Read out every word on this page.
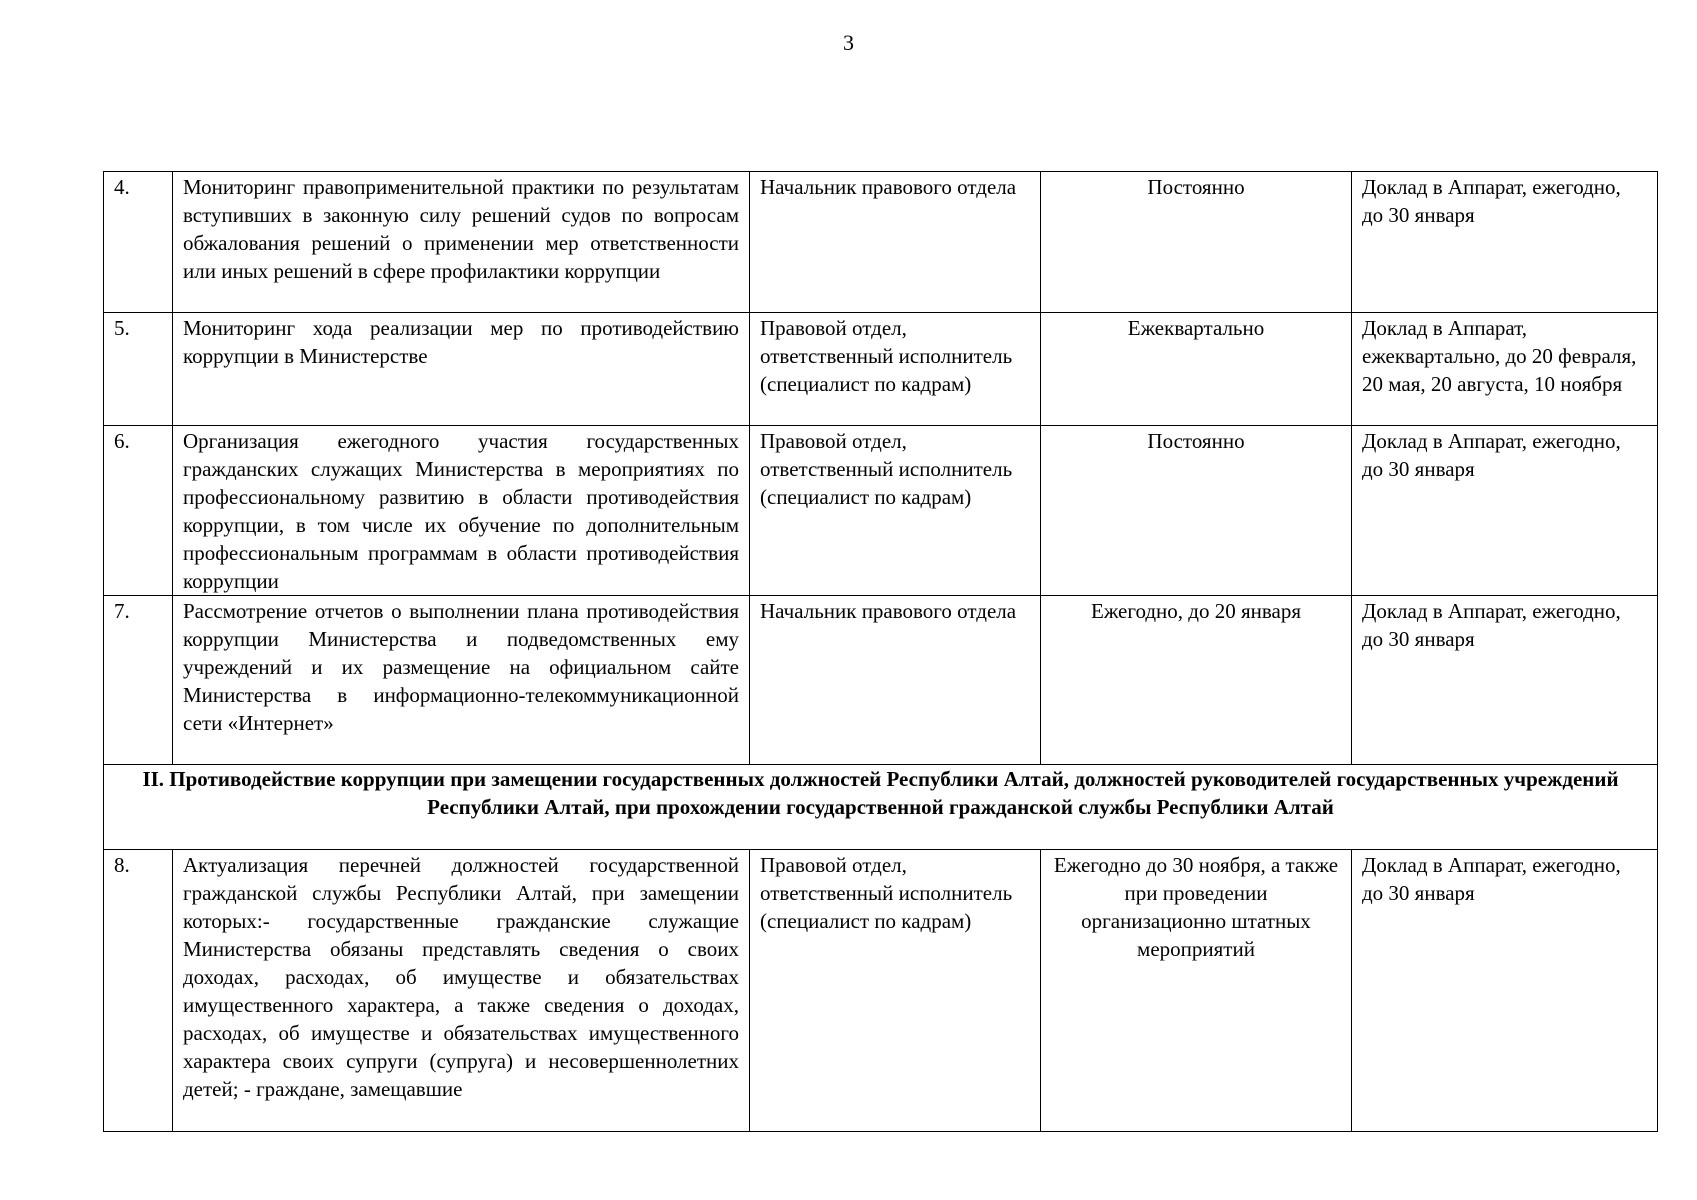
3
4.	Мониторинг правоприменительной практики по результатам вступивших в законную силу решений судов по вопросам обжалования решений о применении мер ответственности или иных решений в сфере профилактики коррупции	Начальник правового отдела	Постоянно	Доклад в Аппарат, ежегодно, до 30 января
5.	Мониторинг хода реализации мер по противодействию коррупции в Министерстве	Правовой отдел, ответственный исполнитель (специалист по кадрам)	Ежеквартально	Доклад в Аппарат, ежеквартально, до 20 февраля, 20 мая, 20 августа, 10 ноября
6.	Организация ежегодного участия государственных гражданских служащих Министерства в мероприятиях по профессиональному развитию в области противодействия коррупции, в том числе их обучение по дополнительным профессиональным программам в области противодействия коррупции	Правовой отдел, ответственный исполнитель (специалист по кадрам)	Постоянно	Доклад в Аппарат, ежегодно, до 30 января
7.	Рассмотрение отчетов о выполнении плана противодействия коррупции Министерства и подведомственных ему учреждений и их размещение на официальном сайте Министерства в информационно-телекоммуникационной сети «Интернет»	Начальник правового отдела	Ежегодно, до 20 января	Доклад в Аппарат, ежегодно, до 30 января

II. Противодействие коррупции при замещении государственных должностей Республики Алтай, должностей руководителей государственных учреждений Республики Алтай, при прохождении государственной гражданской службы Республики Алтай				

8.	Актуализация перечней должностей государственной гражданской службы Республики Алтай, при замещении которых:- государственные гражданские служащие Министерства обязаны представлять сведения о своих доходах, расходах, об имуществе и обязательствах имущественного характера, а также сведения о доходах, расходах, об имуществе и обязательствах имущественного характера своих супруги (супруга) и несовершеннолетних детей; - граждане, замещавшие	Правовой отдел, ответственный исполнитель (специалист по кадрам)	Ежегодно до 30 ноября, а также при проведении организационно штатных мероприятий	Доклад в Аппарат, ежегодно, до 30 января
